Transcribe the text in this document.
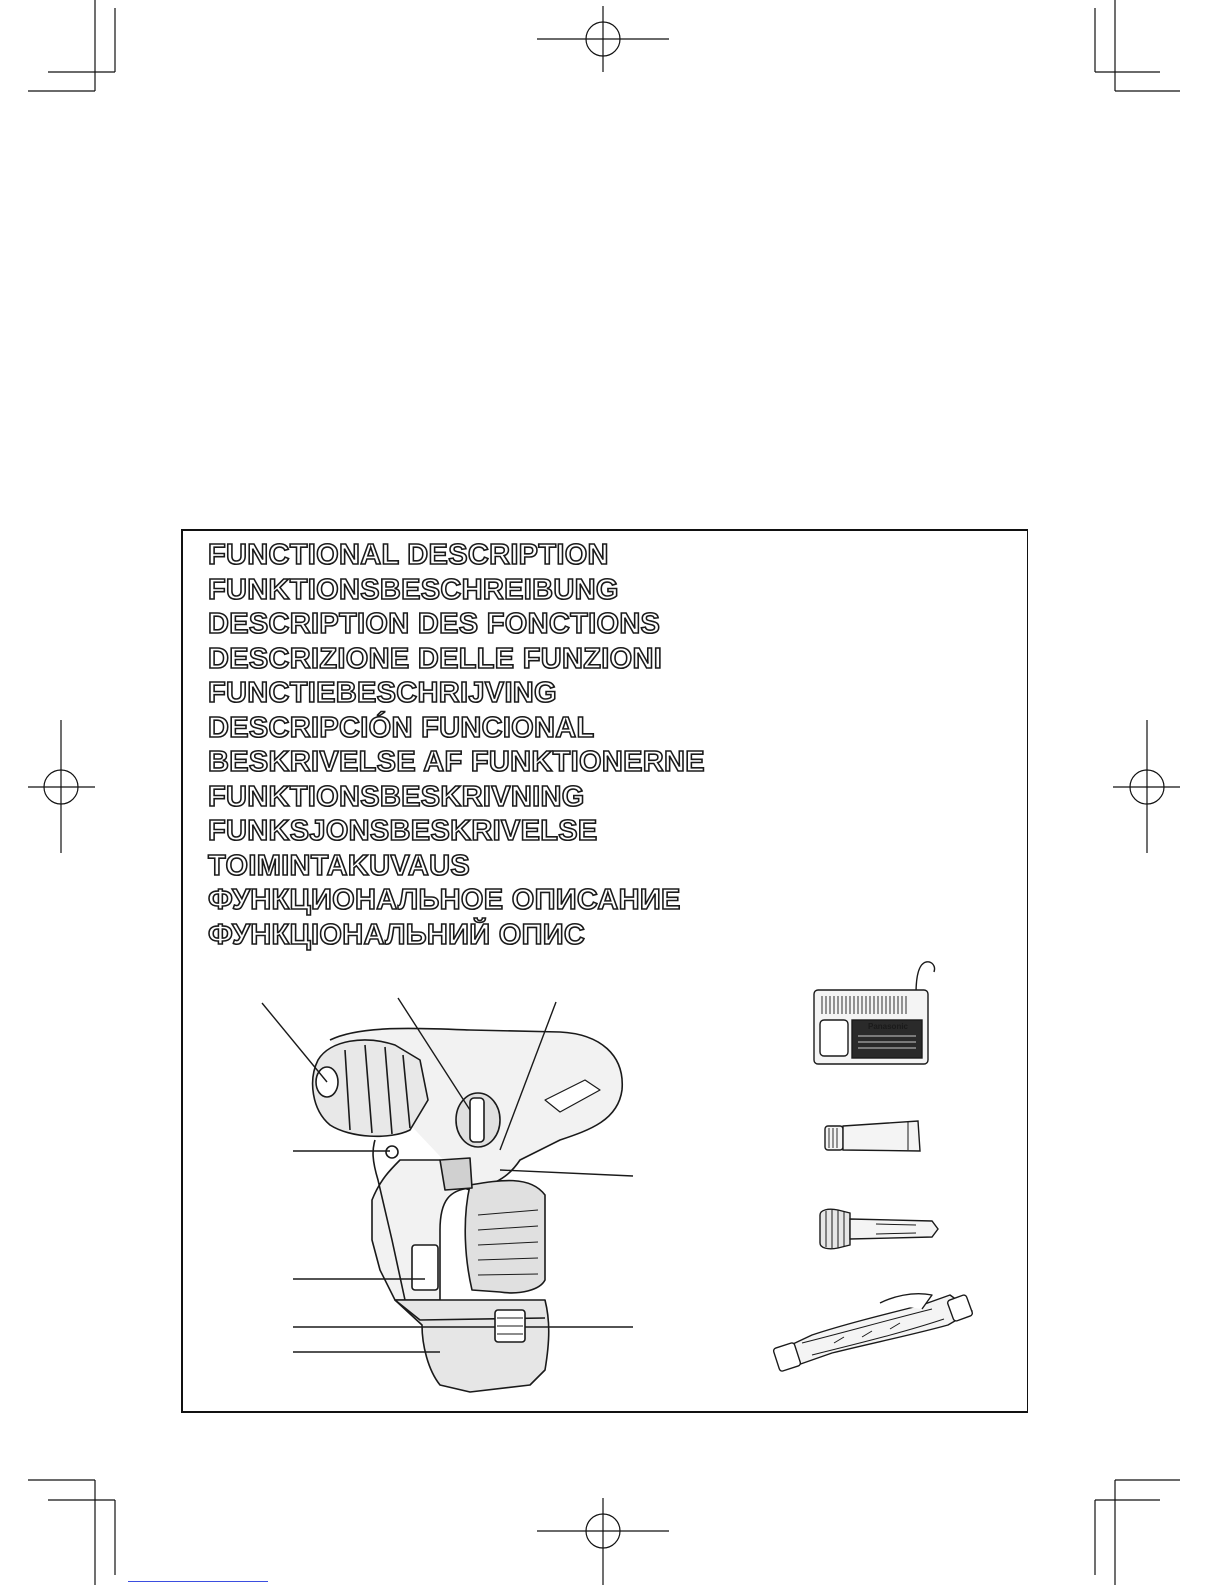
FUNCTIONAL DESCRIPTION
FUNKTIONSBESCHREIBUNG
DESCRIPTION DES FONCTIONS
DESCRIZIONE DELLE FUNZIONI
FUNCTIEBESCHRIJVING
DESCRIPCIÓN FUNCIONAL
BESKRIVELSE AF FUNKTIONERNE
FUNKTIONSBESKRIVNING
FUNKSJONSBESKRIVELSE
TOIMINTAKUVAUS
ФУНКЦИОНАЛЬНОЕ ОПИСАНИЕ
ФУНКЦІОНАЛЬНИЙ ОПИС
Panasonic
